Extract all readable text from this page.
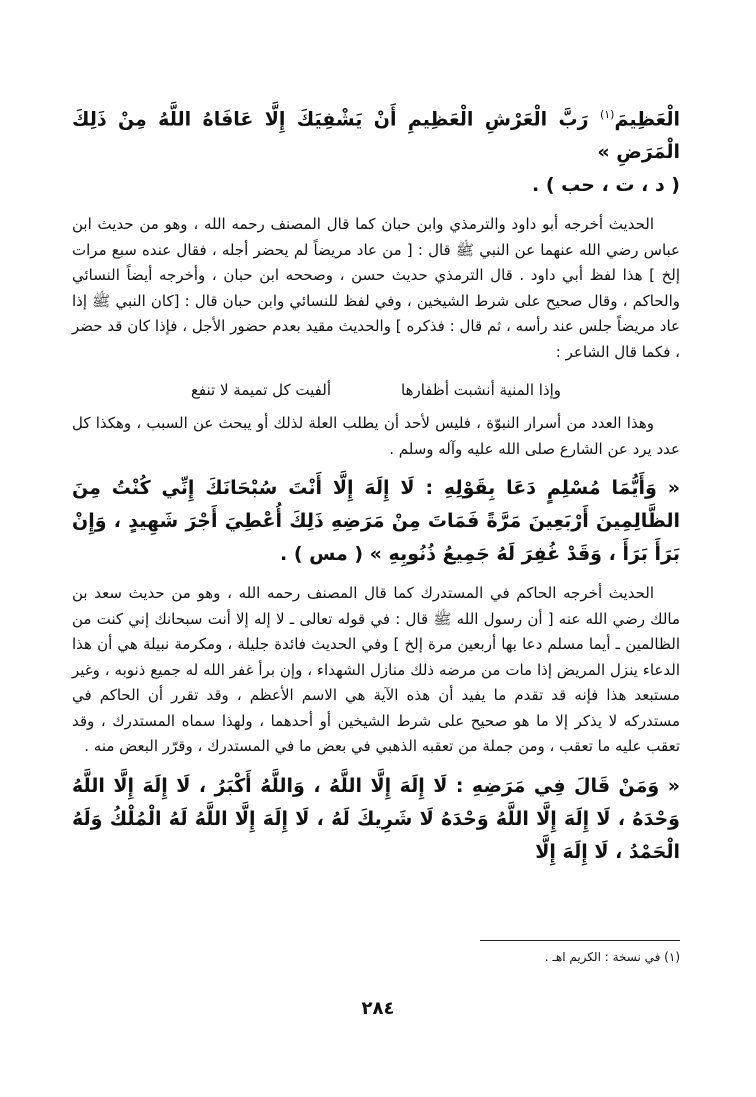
الْعَظِيمَ$^{(١)}$ رَبَّ الْعَرْشِ الْعَظِيمِ أَنْ يَشْفِيَكَ إِلَّا عَافَاهُ اللَّهُ مِنْ ذَلِكَ الْمَرَضِ »
( د ، ت ، حب ) .

الحديث أخرجه أبو داود والترمذي وابن حبان كما قال المصنف رحمه الله ، وهو من حديث ابن عباس رضي الله عنهما عن النبي ﷺ قال : [ من عاد مريضاً لم يحضر أجله ، فقال عنده سبع مرات إلخ ] هذا لفظ أبي داود . قال الترمذي حديث حسن ، وصححه ابن حبان ، وأخرجه أيضاً النسائي والحاكم ، وقال صحيح على شرط الشيخين ، وفي لفظ للنسائي وابن حبان قال : [كان النبي ﷺ إذا عاد مريضاً جلس عند رأسه ، ثم قال : فذكره ] والحديث مقيد بعدم حضور الأجل ، فإذا كان قد حضر ، فكما قال الشاعر :

وإذا المنية أنشبت أظفارها
ألفيت كل تميمة لا تنفع

وهذا العدد من أسرار النبوّة ، فليس لأحد أن يطلب العلة لذلك أو يبحث عن السبب ، وهكذا كل عدد يرد عن الشارع صلى الله عليه وآله وسلم .

« وَأَيُّمَا مُسْلِمٍ دَعَا بِقَوْلِهِ : لَا إِلَهَ إِلَّا أَنْتَ سُبْحَانَكَ إِنِّي كُنْتُ مِنَ الظَّالِمِينَ أَرْبَعِينَ مَرَّةً فَمَاتَ مِنْ مَرَضِهِ ذَلِكَ أُعْطِيَ أَجْرَ شَهِيدٍ ، وَإِنْ بَرَأَ بَرَأَ ، وَقَدْ غُفِرَ لَهُ جَمِيعُ ذُنُوبِهِ » ( مس ) .

الحديث أخرجه الحاكم في المستدرك كما قال المصنف رحمه الله ، وهو من حديث سعد بن مالك رضي الله عنه [ أن رسول الله ﷺ قال : في قوله تعالى ـ لا إله إلا أنت سبحانك إني كنت من الظالمين ـ أيما مسلم دعا بها أربعين مرة إلخ ] وفي الحديث فائدة جليلة ، ومكرمة نبيلة هي أن هذا الدعاء ينزل المريض إذا مات من مرضه ذلك منازل الشهداء ، وإن برأ غفر الله له جميع ذنوبه ، وغير مستبعد هذا فإنه قد تقدم ما يفيد أن هذه الآية هي الاسم الأعظم ، وقد تقرر أن الحاكم في مستدركه لا يذكر إلا ما هو صحيح على شرط الشيخين أو أحدهما ، ولهذا سماه المستدرك ، وقد تعقب عليه ما تعقب ، ومن جملة من تعقبه الذهبي في بعض ما في المستدرك ، وقرّر البعض منه .

« وَمَنْ قَالَ فِي مَرَضِهِ : لَا إِلَهَ إِلَّا اللَّهُ ، وَاللَّهُ أَكْبَرُ ، لَا إِلَهَ إِلَّا اللَّهُ وَحْدَهُ ، لَا إِلَهَ إِلَّا اللَّهُ وَحْدَهُ لَا شَرِيكَ لَهُ ، لَا إِلَهَ إِلَّا اللَّهُ لَهُ الْمُلْكُ وَلَهُ الْحَمْدُ ، لَا إِلَهَ إِلَّا

(١) في نسخة : الكريم اهـ .
٢٨٤
